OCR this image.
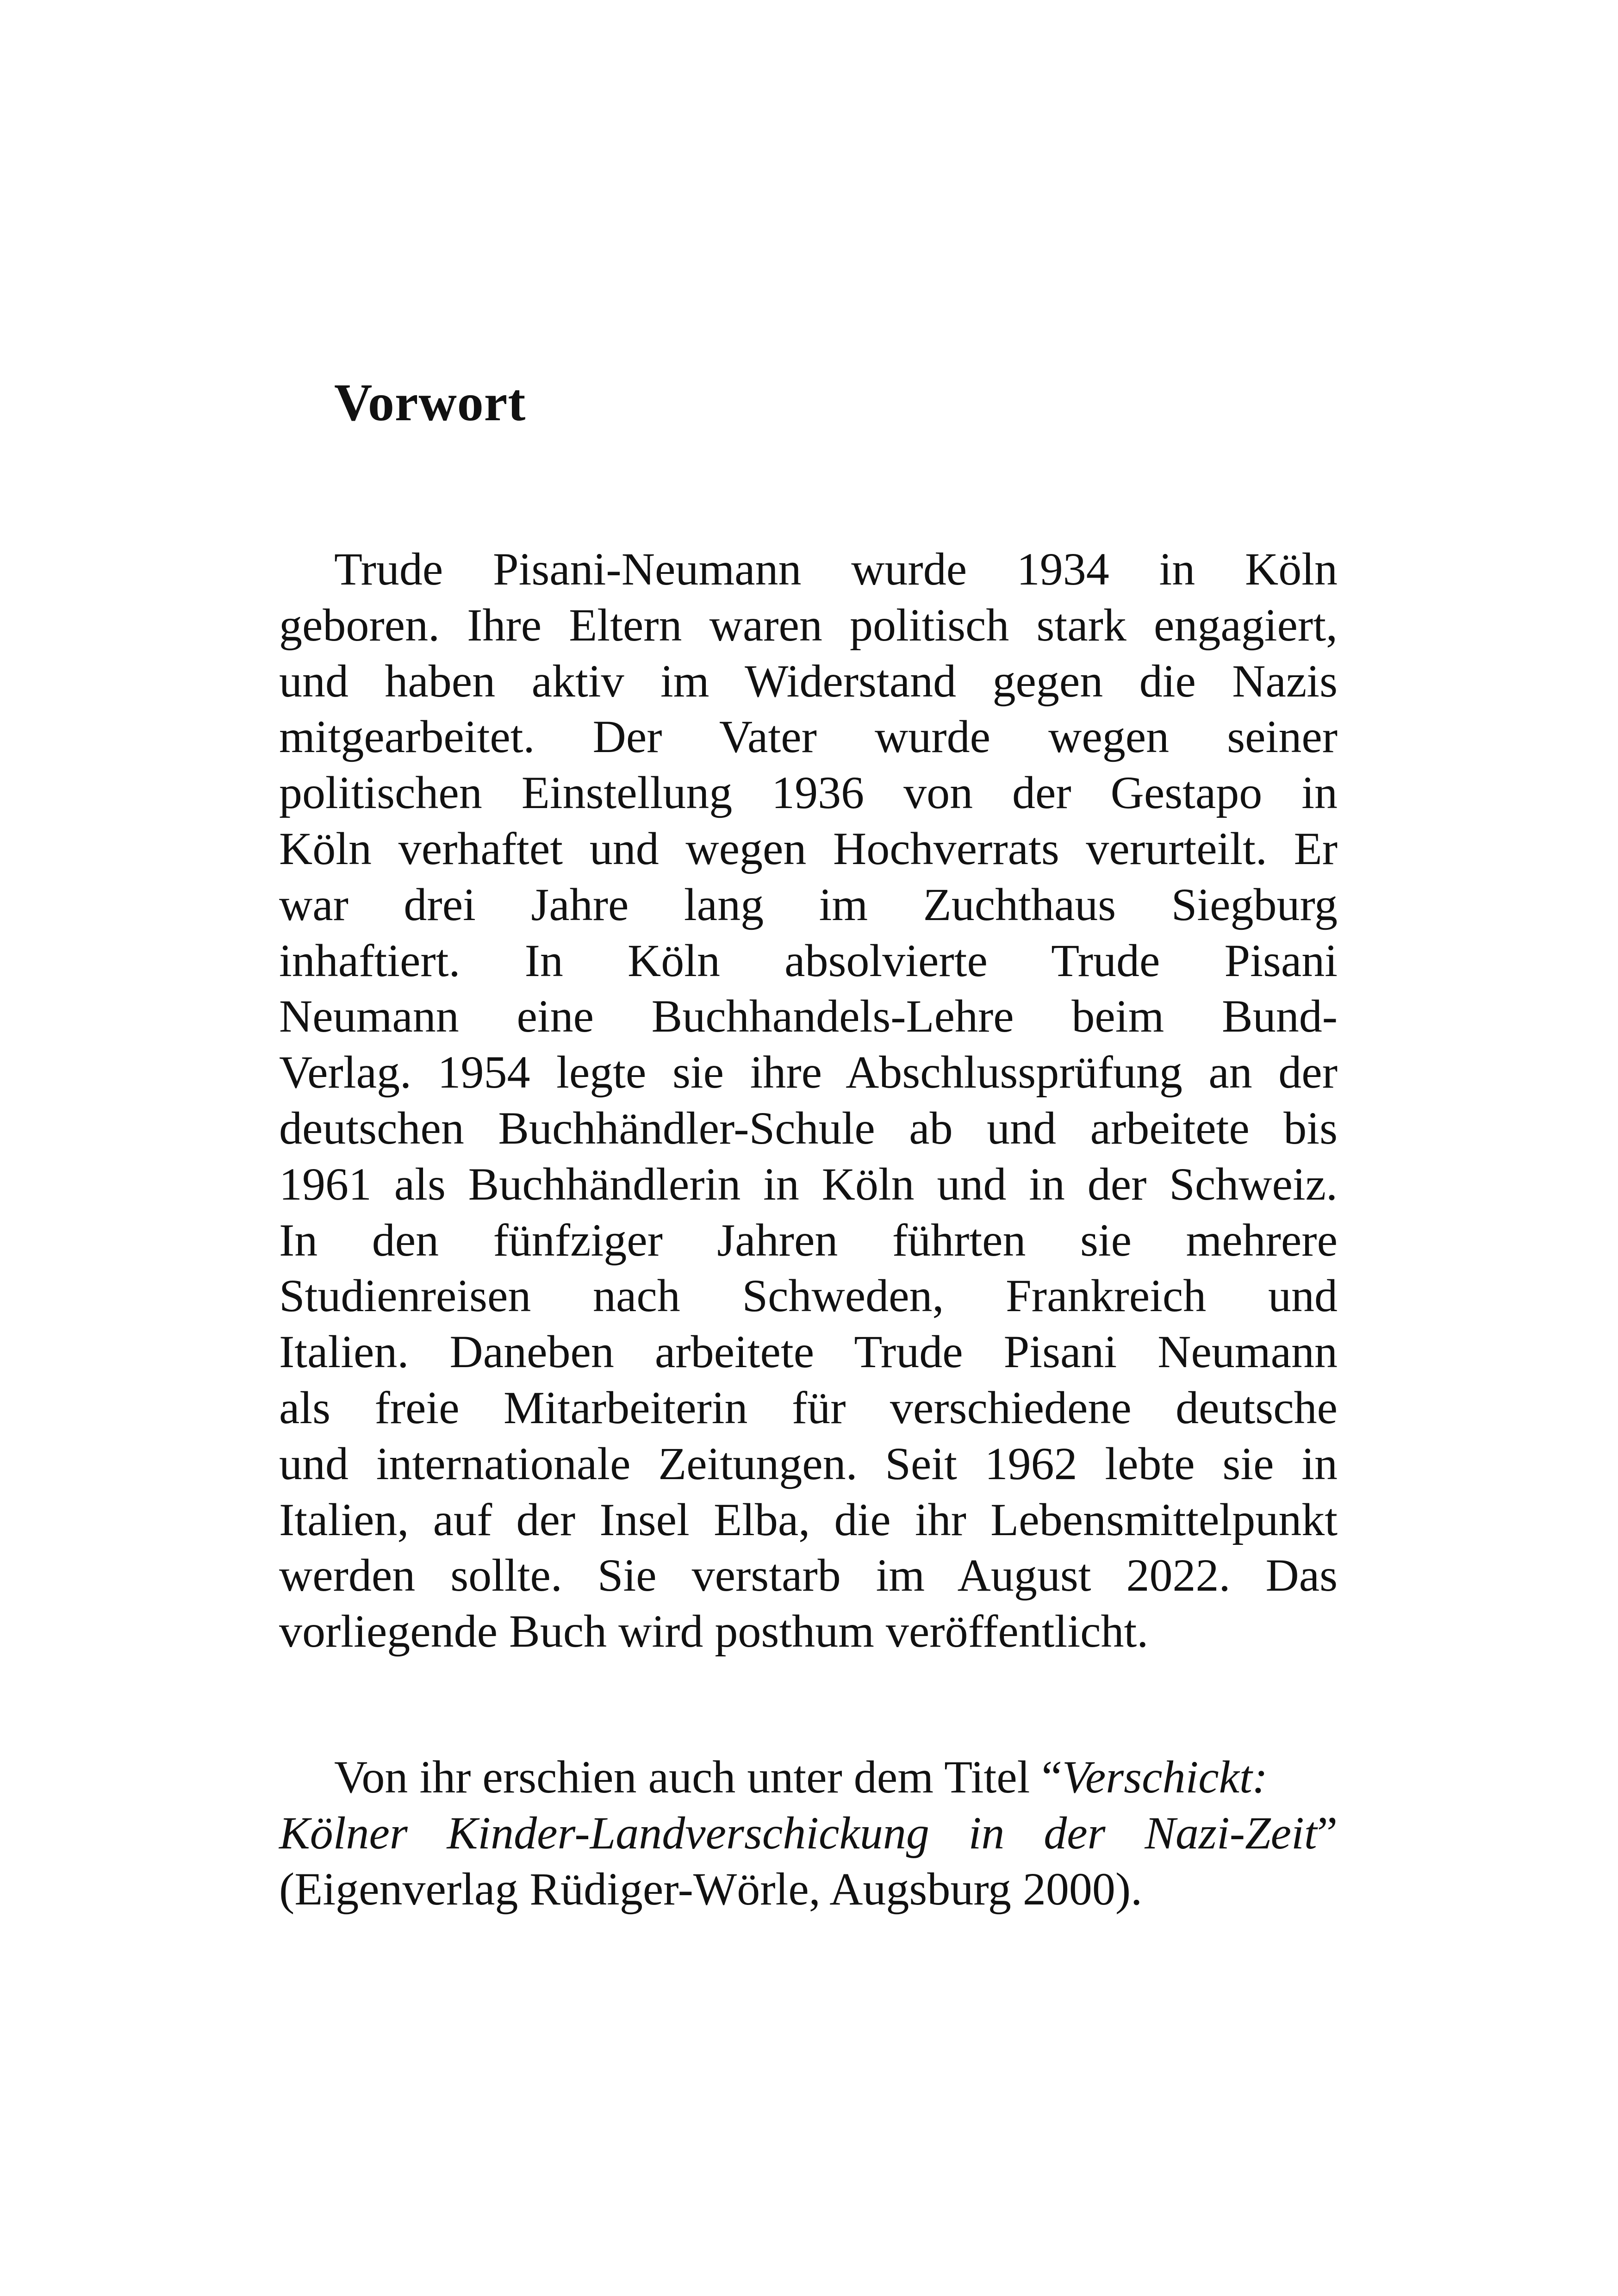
Vorwort
Trude Pisani-Neumann wurde 1934 in Köln
geboren. Ihre Eltern waren politisch stark engagiert,
und haben aktiv im Widerstand gegen die Nazis
mitgearbeitet. Der Vater wurde wegen seiner
politischen Einstellung 1936 von der Gestapo in
Köln verhaftet und wegen Hochverrats verurteilt. Er
war drei Jahre lang im Zuchthaus Siegburg
inhaftiert. In Köln absolvierte Trude Pisani
Neumann eine Buchhandels-Lehre beim Bund-
Verlag. 1954 legte sie ihre Abschlussprüfung an der
deutschen Buchhändler-Schule ab und arbeitete bis
1961 als Buchhändlerin in Köln und in der Schweiz.
In den fünfziger Jahren führten sie mehrere
Studienreisen nach Schweden, Frankreich und
Italien. Daneben arbeitete Trude Pisani Neumann
als freie Mitarbeiterin für verschiedene deutsche
und internationale Zeitungen. Seit 1962 lebte sie in
Italien, auf der Insel Elba, die ihr Lebensmittelpunkt
werden sollte. Sie verstarb im August 2022. Das
vorliegende Buch wird posthum veröffentlicht.
Von ihr erschien auch unter dem Titel “Verschickt:
Kölner Kinder-Landverschickung in der Nazi-Zeit”
(Eigenverlag Rüdiger-Wörle, Augsburg 2000).
